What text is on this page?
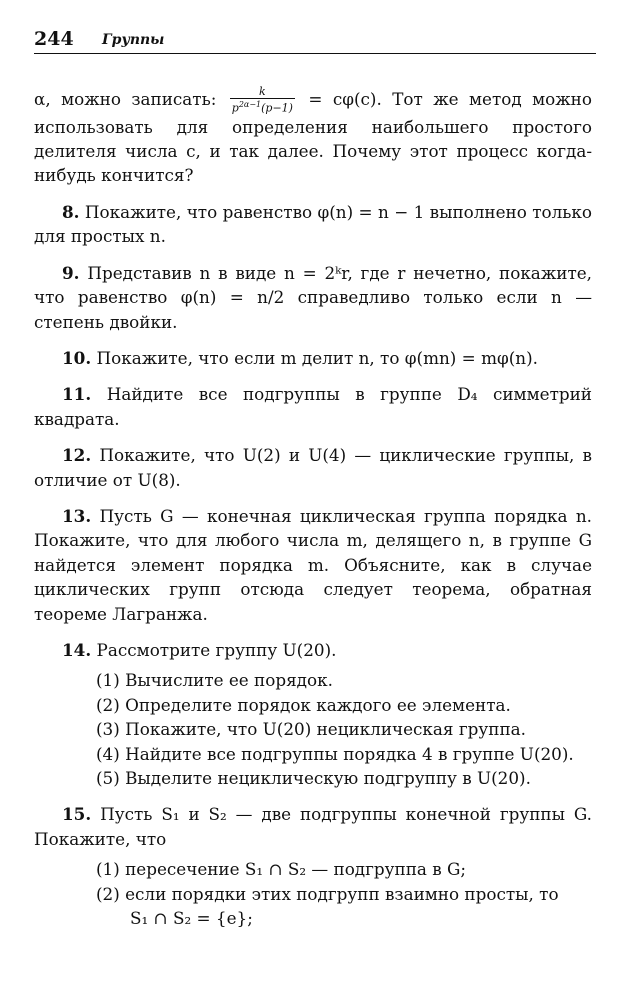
244 Группы

α, можно записать: $\frac{k}{p^{2\alpha-1}(p-1)} = c\varphi(c)$. Тот же метод можно использовать для определения наибольшего простого делителя числа c, и так далее. Почему этот процесс когда-нибудь кончится?

8. Покажите, что равенство φ(n) = n − 1 выполнено только для простых n.

9. Представив n в виде n = 2ᵏr, где r нечетно, покажите, что равенство φ(n) = n/2 справедливо только если n — степень двойки.

10. Покажите, что если m делит n, то φ(mn) = mφ(n).

11. Найдите все подгруппы в группе D₄ симметрий квадрата.

12. Покажите, что U(2) и U(4) — циклические группы, в отличие от U(8).

13. Пусть G — конечная циклическая группа порядка n. Покажите, что для любого числа m, делящего n, в группе G найдется элемент порядка m. Объясните, как в случае циклических групп отсюда следует теорема, обратная теореме Лагранжа.

14. Рассмотрите группу U(20).

(1) Вычислите ее порядок.
(2) Определите порядок каждого ее элемента.
(3) Покажите, что U(20) нециклическая группа.
(4) Найдите все подгруппы порядка 4 в группе U(20).
(5) Выделите нециклическую подгруппу в U(20).

15. Пусть S₁ и S₂ — две подгруппы конечной группы G. Покажите, что

(1) пересечение S₁ ∩ S₂ — подгруппа в G;
(2) если порядки этих подгрупп взаимно просты, то
S₁ ∩ S₂ = {e};
